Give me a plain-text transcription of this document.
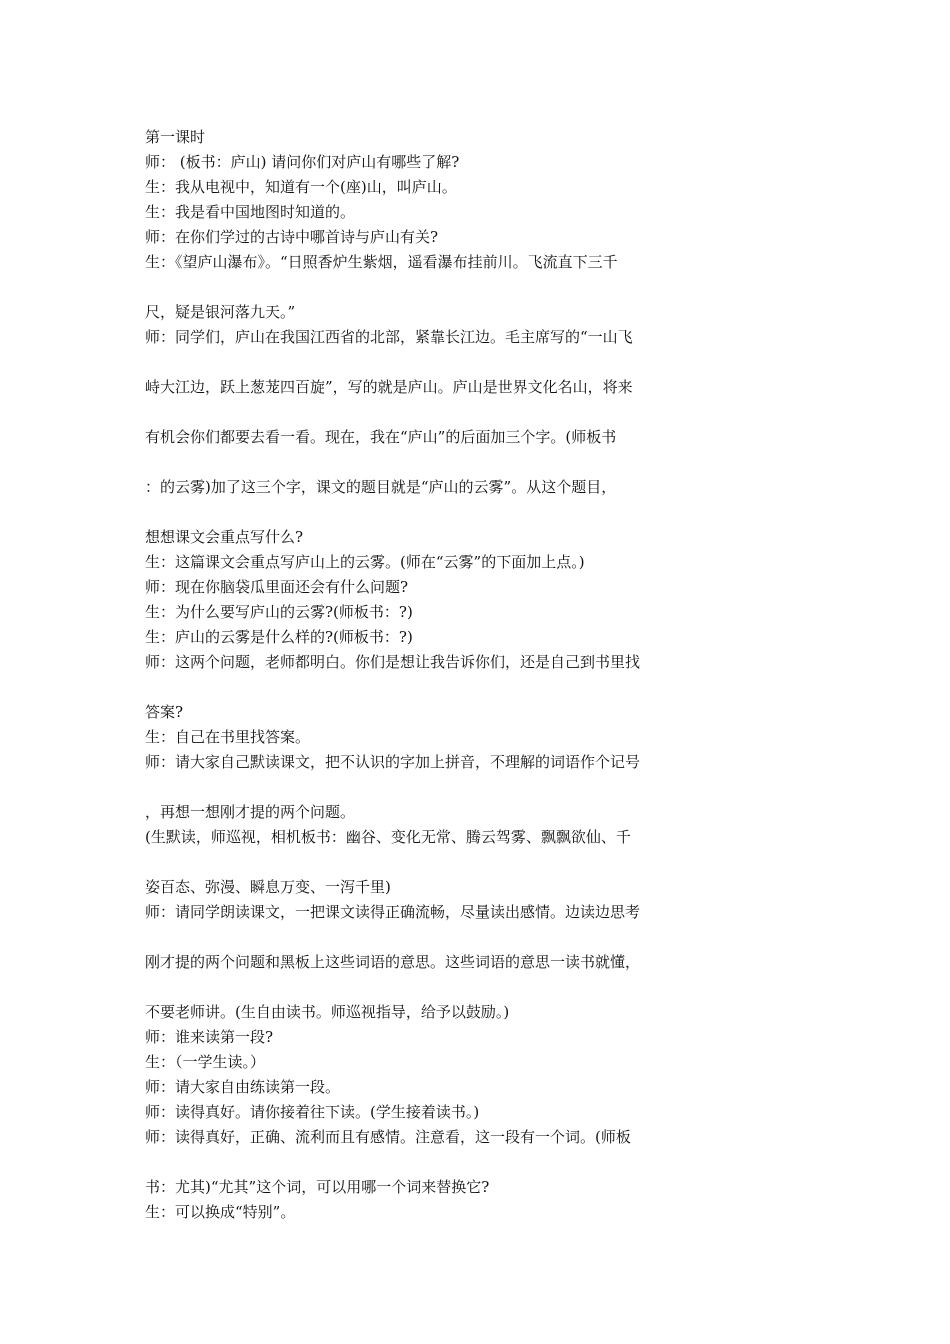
第一课时
师： (板书：庐山) 请问你们对庐山有哪些了解?
生：我从电视中，知道有一个(座)山，叫庐山。
生：我是看中国地图时知道的。
师：在你们学过的古诗中哪首诗与庐山有关?
生：《望庐山瀑布》。“日照香炉生紫烟，遥看瀑布挂前川。飞流直下三千
尺，疑是银河落九天。”
师：同学们，庐山在我国江西省的北部，紧靠长江边。毛主席写的“一山飞
峙大江边，跃上葱茏四百旋”，写的就是庐山。庐山是世界文化名山，将来
有机会你们都要去看一看。现在，我在“庐山”的后面加三个字。(师板书
：的云雾)加了这三个字，课文的题目就是“庐山的云雾”。从这个题目，
想想课文会重点写什么?
生：这篇课文会重点写庐山上的云雾。(师在“云雾”的下面加上点。)
师：现在你脑袋瓜里面还会有什么问题?
生：为什么要写庐山的云雾?(师板书：?)
生：庐山的云雾是什么样的?(师板书：?)
师：这两个问题，老师都明白。你们是想让我告诉你们，还是自己到书里找
答案?
生：自己在书里找答案。
师：请大家自己默读课文，把不认识的字加上拼音，不理解的词语作个记号
，再想一想刚才提的两个问题。
(生默读，师巡视，相机板书：幽谷、变化无常、腾云驾雾、飘飘欲仙、千
姿百态、弥漫、瞬息万变、一泻千里)
师：请同学朗读课文，一把课文读得正确流畅，尽量读出感情。边读边思考
刚才提的两个问题和黑板上这些词语的意思。这些词语的意思一读书就懂，
不要老师讲。(生自由读书。师巡视指导，给予以鼓励。)
师：谁来读第一段?
生：（一学生读。）
师：请大家自由练读第一段。
师：读得真好。请你接着往下读。(学生接着读书。)
师：读得真好，正确、流利而且有感情。注意看，这一段有一个词。(师板
书：尤其)“尤其”这个词，可以用哪一个词来替换它?
生：可以换成“特别”。
